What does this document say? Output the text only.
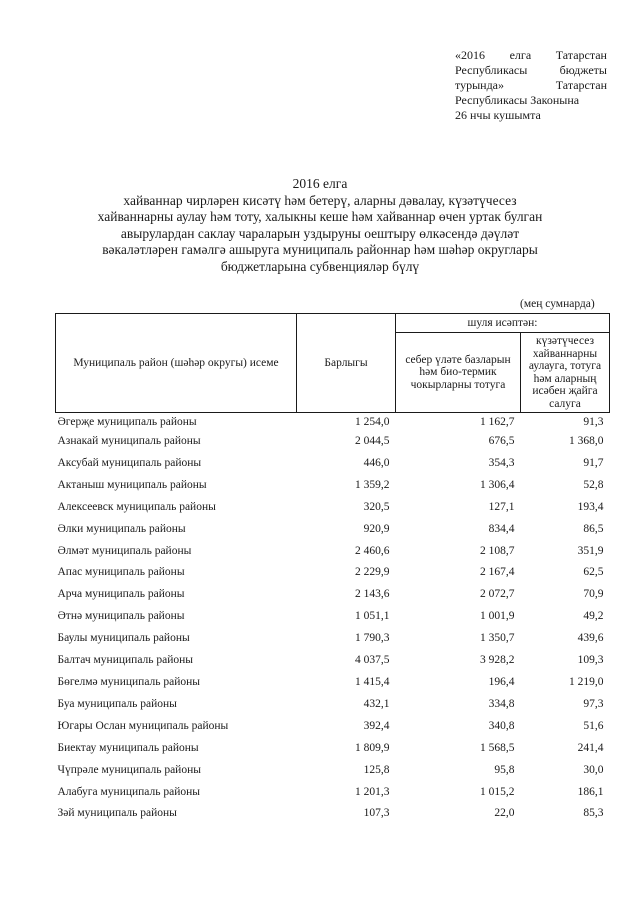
«2016 елга Татарстан
Республикасы	бюджеты
турында»	Татарстан
Республикасы Законына
26 нчы кушымта
2016 елга
хайваннар чирләрен кисәтү һәм бетерү, аларны дәвалау, күзәтүчесез
хайваннарны аулау һәм тоту, халыкны кеше һәм хайваннар өчен уртак булган
авырулардан саклау чараларын уздыруны оештыру өлкәсендә дәүләт
вәкаләтләрен гамәлгә ашыруга муниципаль районнар һәм шәһәр округлары
бюджетларына субвенцияләр бүлү
(мең сумнарда)
Муниципаль район (шәһәр округы) исеме	Барлыгы	шуля исәптән:	
		себер үләте базларын һәм био-термик чокырларны тотуга	күзәтүчесез хайваннарны аулауга, тотуга һәм аларның исәбен җайга салуга
Әгерҗе муниципаль районы	1 254,0	1 162,7	91,3
Азнакай муниципаль районы	2 044,5	676,5	1 368,0
Аксубай муниципаль районы	446,0	354,3	91,7
Актаныш муниципаль районы	1 359,2	1 306,4	52,8
Алексеевск муниципаль районы	320,5	127,1	193,4
Әлки муниципаль районы	920,9	834,4	86,5
Әлмәт муниципаль районы	2 460,6	2 108,7	351,9
Апас муниципаль районы	2 229,9	2 167,4	62,5
Арча муниципаль районы	2 143,6	2 072,7	70,9
Әтнә муниципаль районы	1 051,1	1 001,9	49,2
Баулы муниципаль районы	1 790,3	1 350,7	439,6
Балтач муниципаль районы	4 037,5	3 928,2	109,3
Бөгелмә муниципаль районы	1 415,4	196,4	1 219,0
Буа муниципаль районы	432,1	334,8	97,3
Югары Ослан муниципаль районы	392,4	340,8	51,6
Биектау муниципаль районы	1 809,9	1 568,5	241,4
Чүпрәле муниципаль районы	125,8	95,8	30,0
Алабуга муниципаль районы	1 201,3	1 015,2	186,1
Зәй муниципаль районы	107,3	22,0	85,3
